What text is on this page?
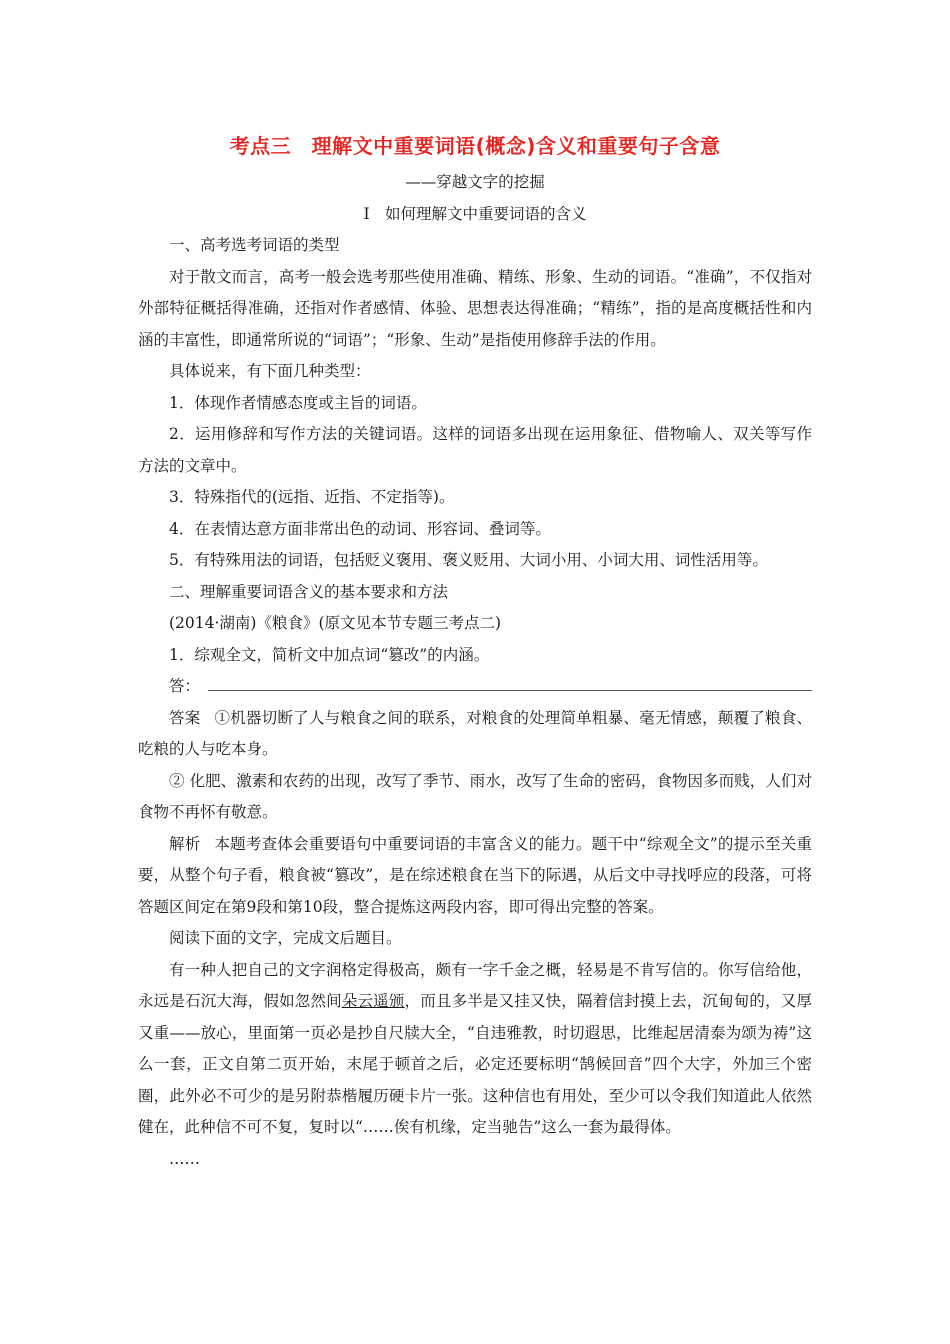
考点三　理解文中重要词语(概念)含义和重要句子含意
——穿越文字的挖掘
Ⅰ　如何理解文中重要词语的含义

一、高考选考词语的类型

对于散文而言，高考一般会选考那些使用准确、精练、形象、生动的词语。“准确”，不仅指对外部特征概括得准确，还指对作者感情、体验、思想表达得准确；“精练”，指的是高度概括性和内涵的丰富性，即通常所说的“词语”；“形象、生动”是指使用修辞手法的作用。

具体说来，有下面几种类型：

1．体现作者情感态度或主旨的词语。

2．运用修辞和写作方法的关键词语。这样的词语多出现在运用象征、借物喻人、双关等写作方法的文章中。

3．特殊指代的(远指、近指、不定指等)。

4．在表情达意方面非常出色的动词、形容词、叠词等。

5．有特殊用法的词语，包括贬义褒用、褒义贬用、大词小用、小词大用、词性活用等。

二、理解重要词语含义的基本要求和方法

(2014·湖南)《粮食》(原文见本节专题三考点二)

1．综观全文，简析文中加点词“篡改”的内涵。

答：

答案 ①机器切断了人与粮食之间的联系，对粮食的处理简单粗暴、毫无情感，颠覆了粮食、吃粮的人与吃本身。

② 化肥、激素和农药的出现，改写了季节、雨水，改写了生命的密码，食物因多而贱，人们对食物不再怀有敬意。

解析 本题考查体会重要语句中重要词语的丰富含义的能力。题干中“综观全文”的提示至关重要，从整个句子看，粮食被“篡改”，是在综述粮食在当下的际遇，从后文中寻找呼应的段落，可将答题区间定在第9段和第10段，整合提炼这两段内容，即可得出完整的答案。

阅读下面的文字，完成文后题目。

有一种人把自己的文字润格定得极高，颇有一字千金之概，轻易是不肯写信的。你写信给他，永远是石沉大海，假如忽然间朵云遥颁，而且多半是又挂又快，隔着信封摸上去，沉甸甸的，又厚又重——放心，里面第一页必是抄自尺牍大全，“自违雅教，时切遐思，比维起居清泰为颂为祷”这么一套，正文自第二页开始，末尾于顿首之后，必定还要标明“鹄候回音”四个大字，外加三个密圈，此外必不可少的是另附恭楷履历硬卡片一张。这种信也有用处，至少可以令我们知道此人依然健在，此种信不可不复，复时以“……俟有机缘，定当驰告”这么一套为最得体。

……
